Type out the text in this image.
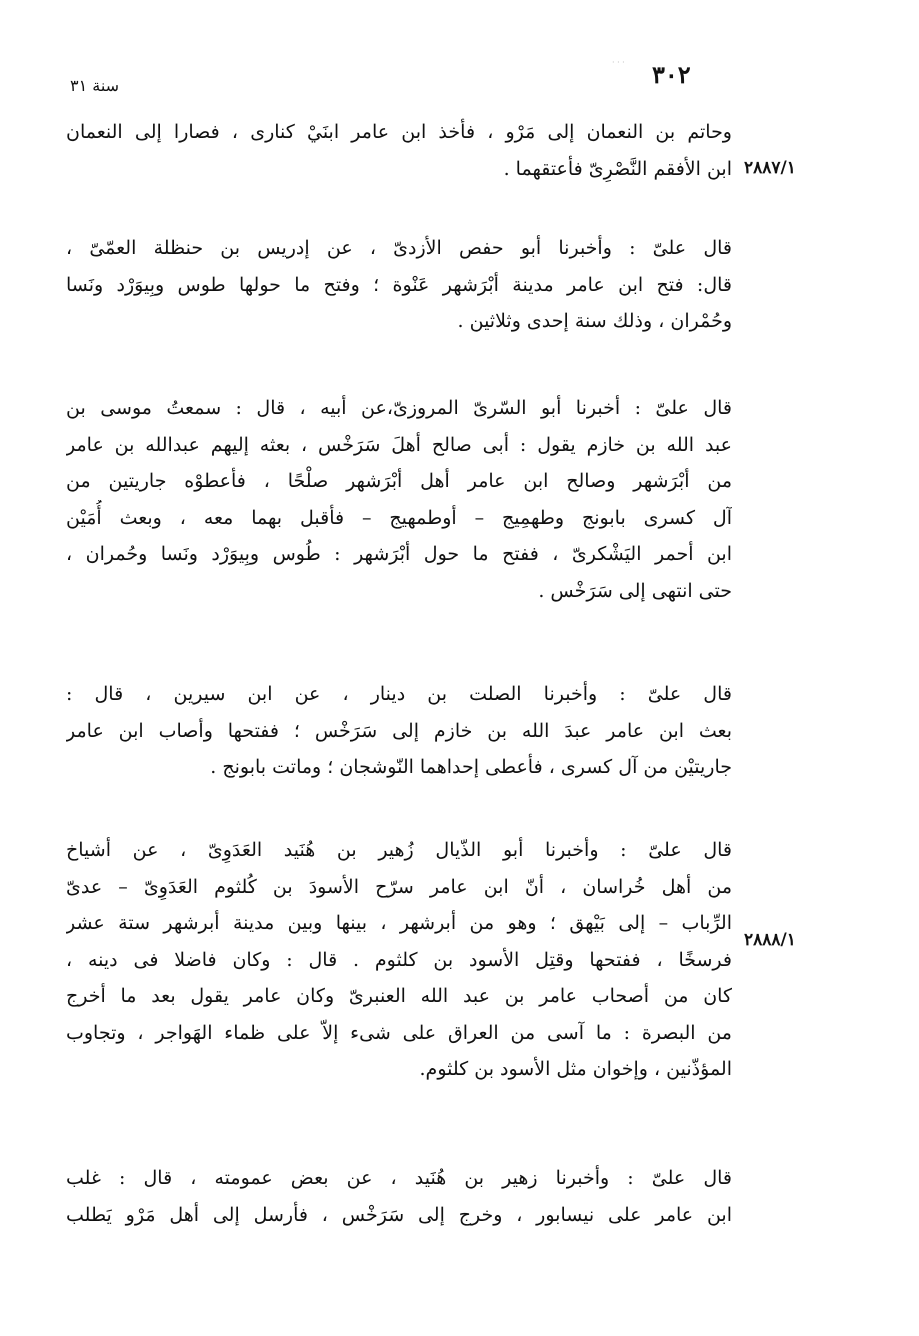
· · ·	٣٠٢
سنة ٣١
وحاتم بن النعمان إلى مَرْو ، فأخذ ابن عامر ابنَيْ كنارى ، فصارا إلى النعمان
ابن الأفقم النَّصْرِىّ فأعتقهما . ٢٨٨٧/١
قال علىّ : وأخبرنا أبو حفص الأزدىّ ، عن إدريس بن حنظلة العمّىّ ،
قال: فتح ابن عامر مدينة أبْرَشهر عَنْوة ؛ وفتح ما حولها طوس وبِيوَرْد ونَسا
وحُمْران ، وذلك سنة إحدى وثلاثين .
قال علىّ : أخبرنا أبو السّرىّ المروزىّ،عن أبيه ، قال : سمعتُ موسى بن
عبد الله بن خازم يقول : أبى صالح أهلَ سَرَخْس ، بعثه إليهم عبدالله بن عامر
من أبْرَشهر وصالح ابن عامر أهل أبْرَشهر صلْحًا ، فأعطوْه جاريتين من
آل كسرى بابونج وطهمِيج – أوطمهيج – فأقبل بهما معه ، وبعث أُمَيْن
ابن أحمر اليَشْكرىّ ، ففتح ما حول أبْرَشهر : طُوس وبِيوَرْد ونَسا وحُمران ،
حتى انتهى إلى سَرَخْس .
قال علىّ : وأخبرنا الصلت بن دينار ، عن ابن سيرين ، قال :
بعث ابن عامر عبدَ الله بن خازم إلى سَرَخْس ؛ ففتحها وأصاب ابن عامر
جاريتيْن من آل كسرى ، فأعطى إحداهما النّوشجان ؛ وماتت بابونج .
قال علىّ : وأخبرنا أبو الذّيال زُهير بن هُنَيد العَدَوِىّ ، عن أشياخ
من أهل خُراسان ، أنّ ابن عامر سرّح الأسودَ بن كُلثوم العَدَوِىّ – عدىّ
الرِّباب – إلى بَيْهق ؛ وهو من أبرشهر ، بينها وبين مدينة أبرشهر ستة عشر
فرسخًا ، ففتحها وقتِل الأسود بن كلثوم . قال : وكان فاضلا فى دينه ،
كان من أصحاب عامر بن عبد الله العنبرىّ وكان عامر يقول بعد ما أخرج
من البصرة : ما آسى من العراق على شىء إلاّ على ظماء الهَواجر ، وتجاوب
المؤذّنين ، وإخوان مثل الأسود بن كلثوم.
٢٨٨٨/١
قال علىّ : وأخبرنا زهير بن هُنَيد ، عن بعض عمومته ، قال : غلب
ابن عامر على نيسابور ، وخرج إلى سَرَخْس ، فأرسل إلى أهل مَرْو يَطلب
